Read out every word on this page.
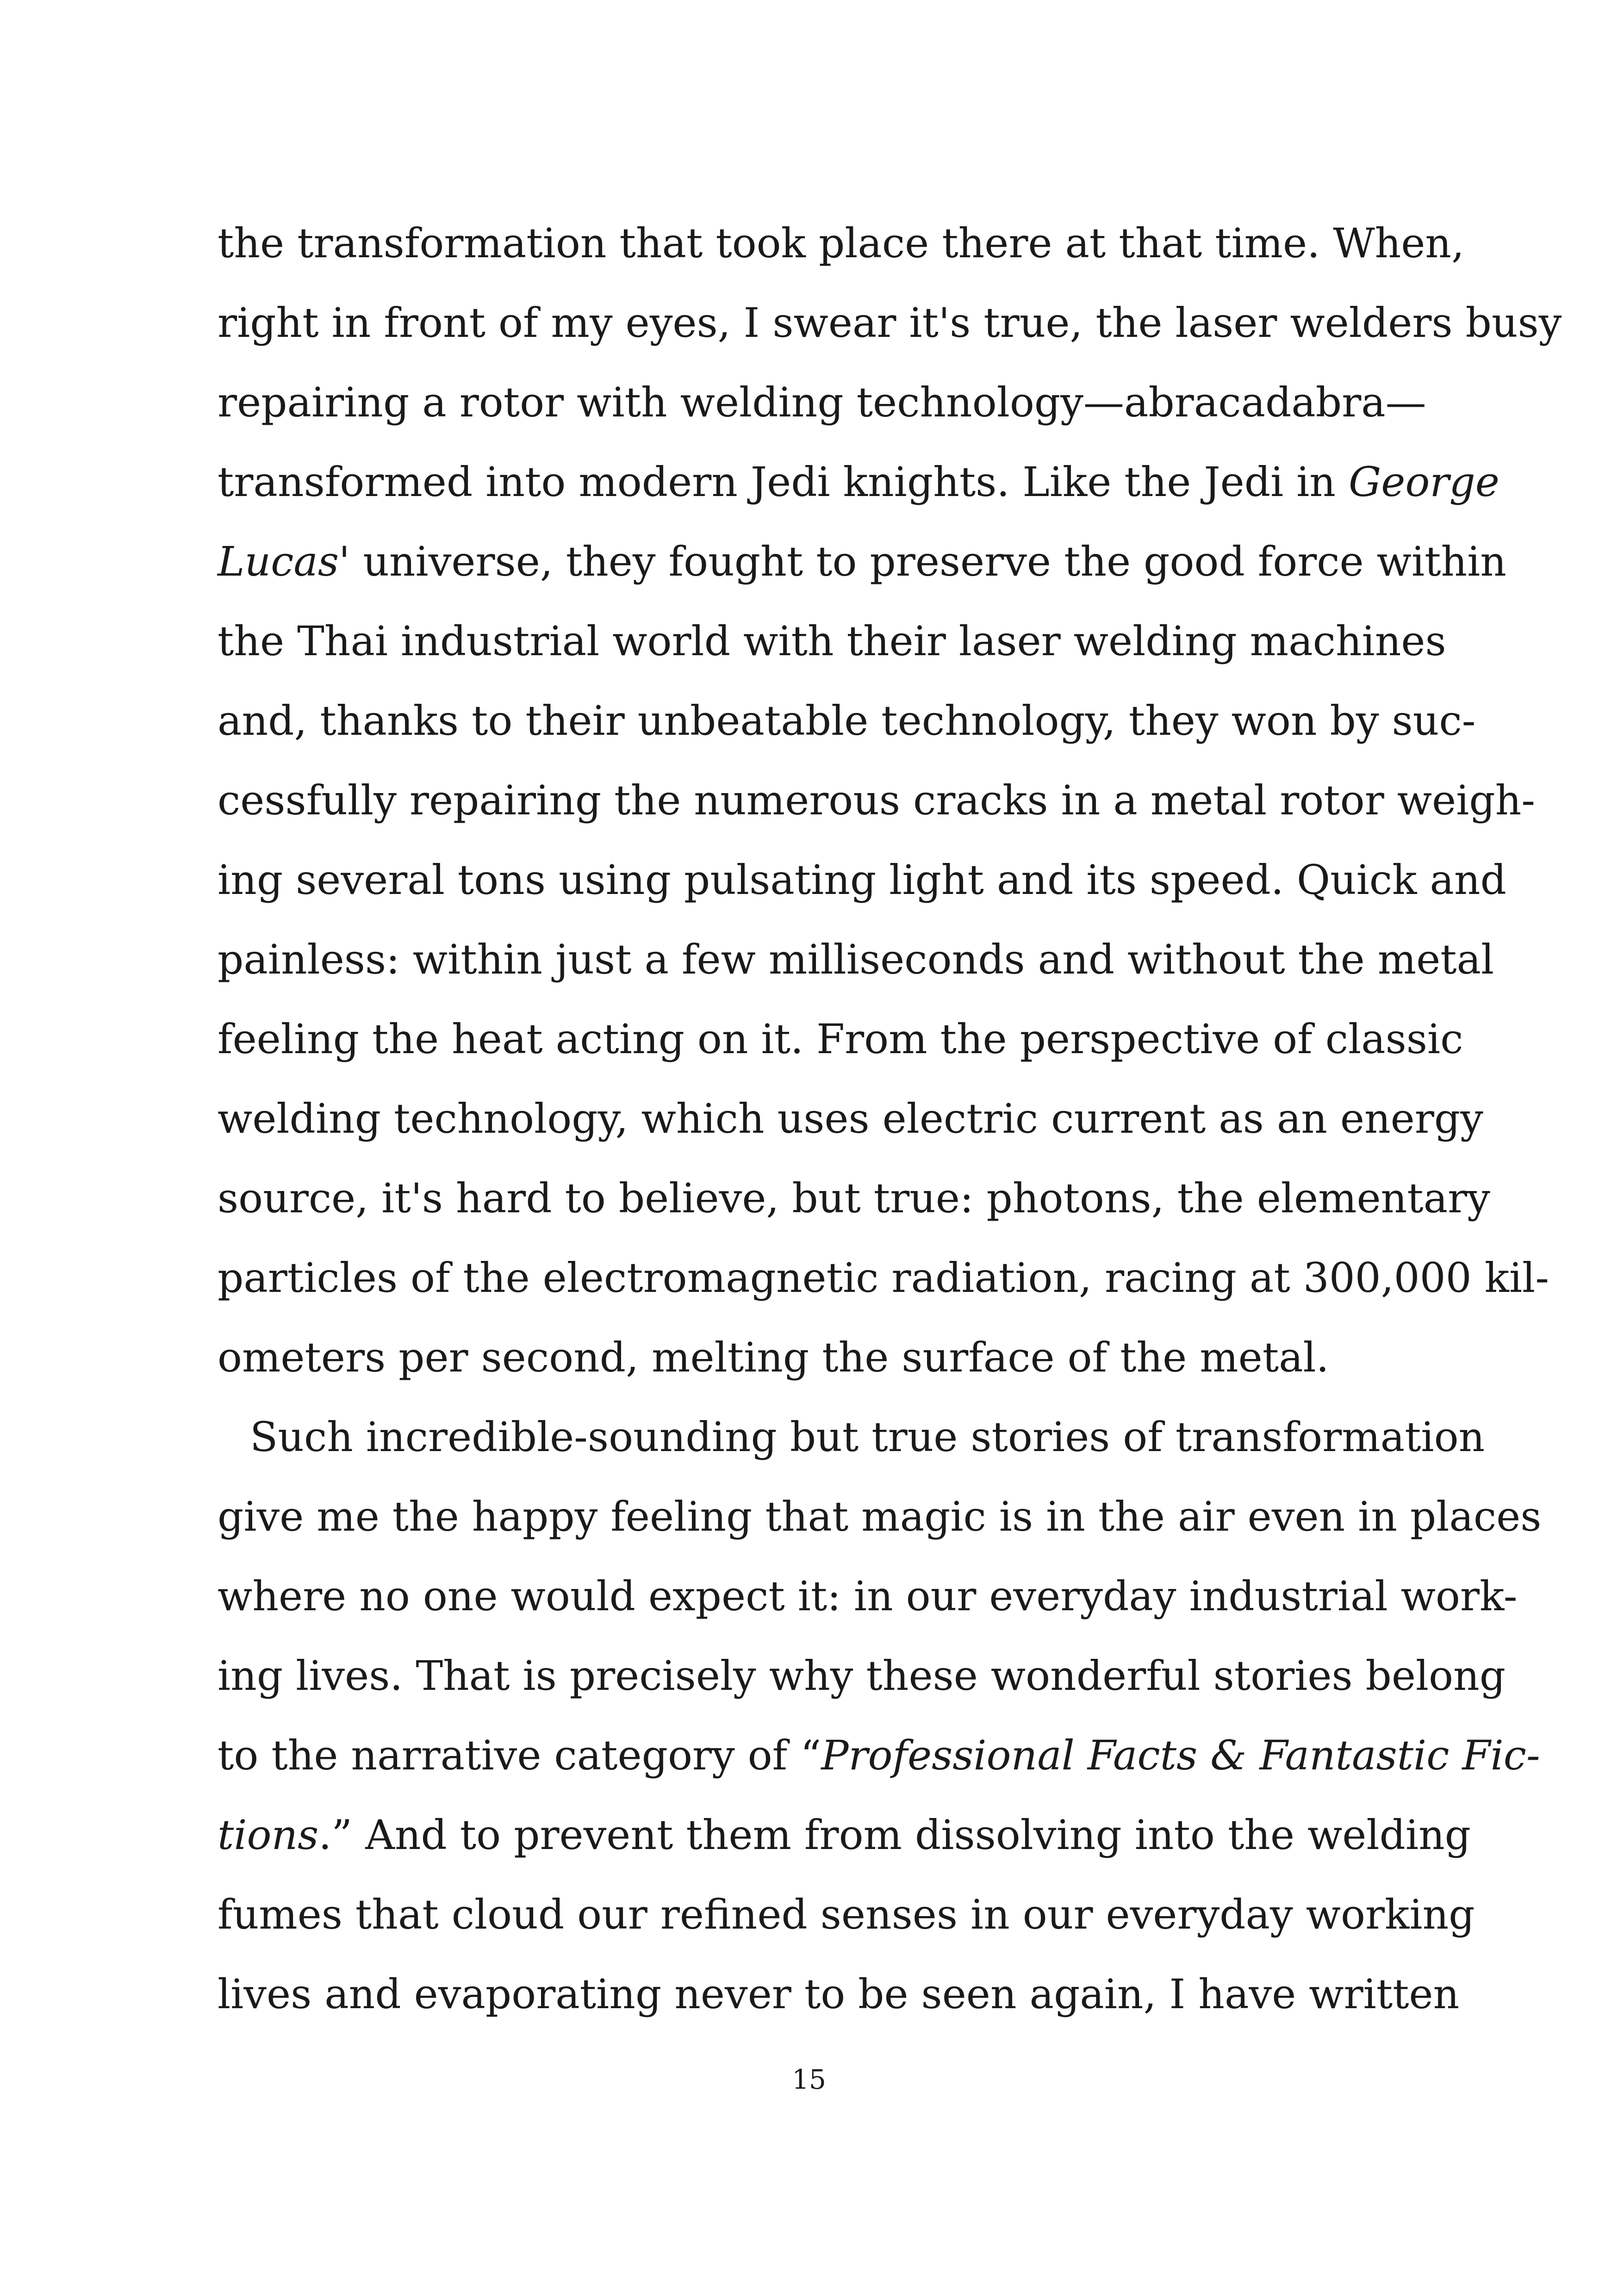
the transformation that took place there at that time. When,
right in front of my eyes, I swear it's true, the laser welders busy
repairing a rotor with welding technology—abracadabra—
transformed into modern Jedi knights. Like the Jedi in George
Lucas' universe, they fought to preserve the good force within
the Thai industrial world with their laser welding machines
and, thanks to their unbeatable technology, they won by suc-
cessfully repairing the numerous cracks in a metal rotor weigh-
ing several tons using pulsating light and its speed. Quick and
painless: within just a few milliseconds and without the metal
feeling the heat acting on it. From the perspective of classic
welding technology, which uses electric current as an energy
source, it's hard to believe, but true: photons, the elementary
particles of the electromagnetic radiation, racing at 300,000 kil-
ometers per second, melting the surface of the metal.
Such incredible-sounding but true stories of transformation
give me the happy feeling that magic is in the air even in places
where no one would expect it: in our everyday industrial work-
ing lives. That is precisely why these wonderful stories belong
to the narrative category of “Professional Facts & Fantastic Fic-
tions.” And to prevent them from dissolving into the welding
fumes that cloud our refined senses in our everyday working
lives and evaporating never to be seen again, I have written
15
